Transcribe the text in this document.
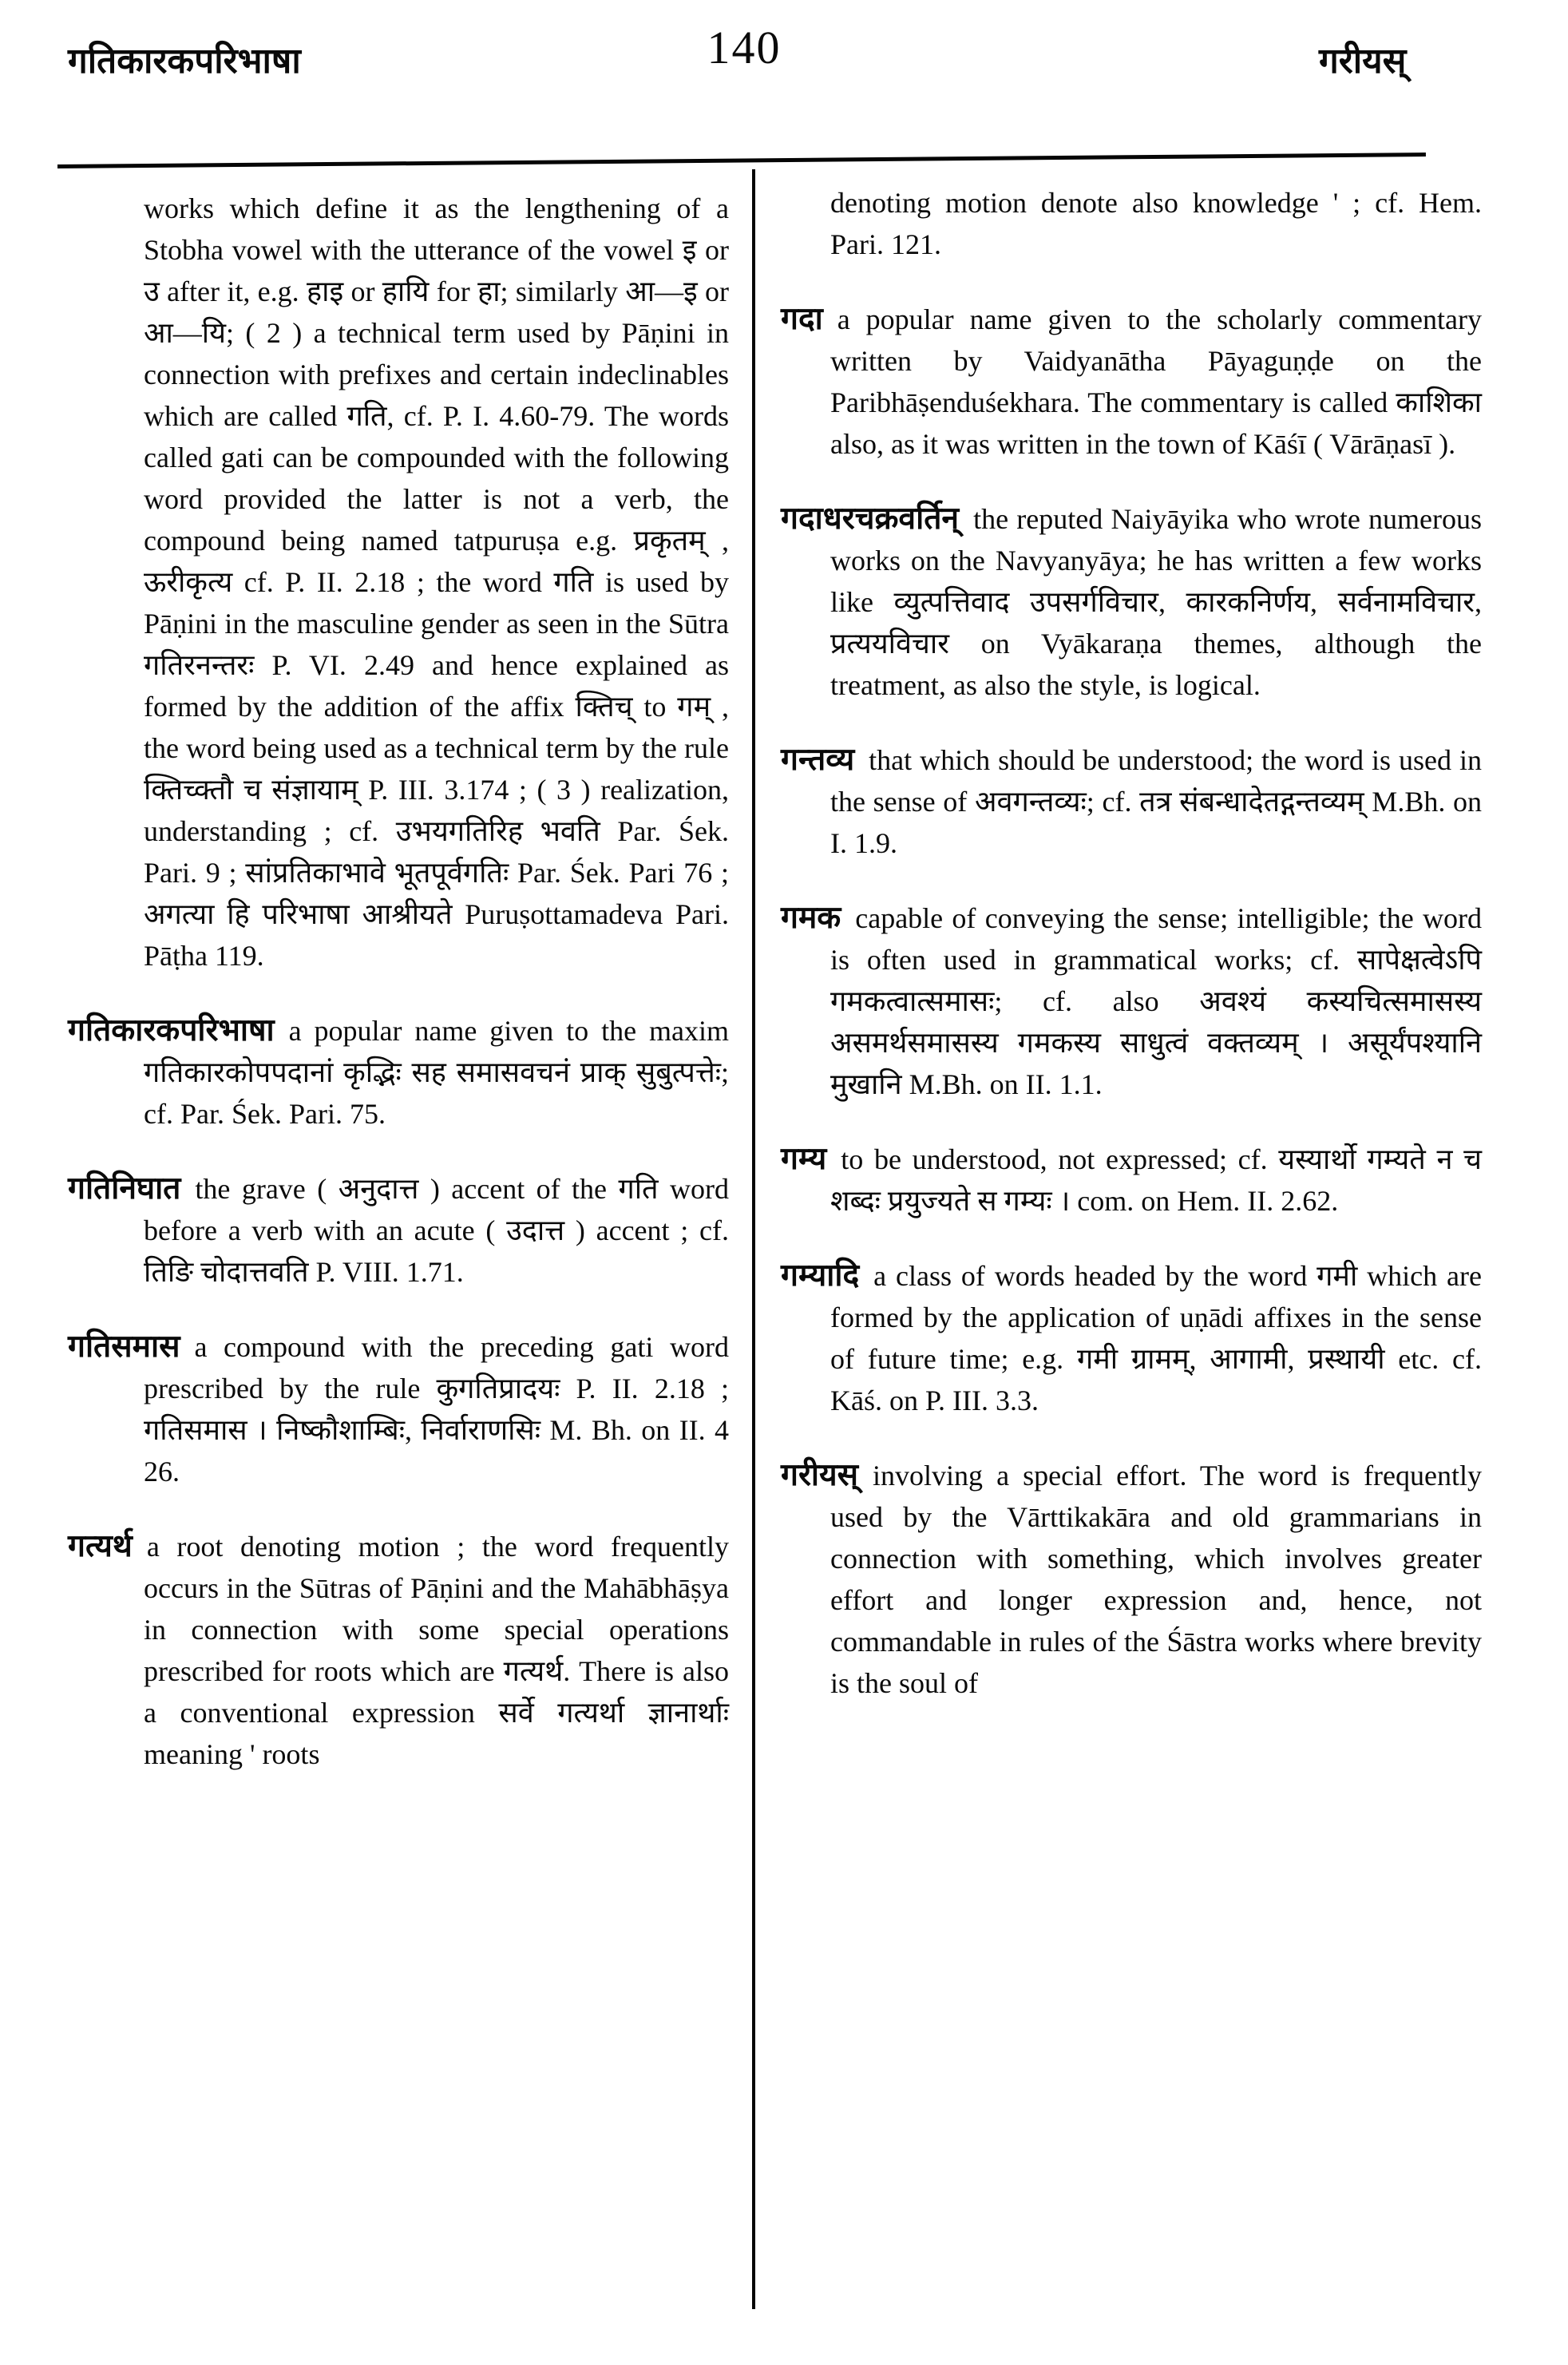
गतिकारकपरिभाषा	140	गरीयस्

works which define it as the lengthening of a Stobha vowel with the utterance of the vowel इ or उ after it, e.g. हाइ or हायि for हा; similarly आ—इ or आ—यि; ( 2 ) a technical term used by Pāṇini in connection with prefixes and certain indeclinables which are called गति, cf. P. I. 4.60-79. The words called gati can be compounded with the following word provided the latter is not a verb, the compound being named tatpuruṣa e.g. प्रकृतम् , ऊरीकृत्य cf. P. II. 2.18 ; the word गति is used by Pāṇini in the masculine gender as seen in the Sūtra गतिरनन्तरः P. VI. 2.49 and hence explained as formed by the addition of the affix क्तिच् to गम् , the word being used as a technical term by the rule क्तिच्क्तौ च संज्ञायाम् P. III. 3.174 ; ( 3 ) realization, understanding ; cf. उभयगतिरिह भवति Par. Śek. Pari. 9 ; सांप्रतिकाभावे भूतपूर्वगतिः Par. Śek. Pari 76 ; अगत्या हि परिभाषा आश्रीयते Puruṣottamadeva Pari. Pāṭha 119.

गतिकारकपरिभाषा a popular name given to the maxim गतिकारकोपपदानां कृद्भिः सह समासवचनं प्राक् सुबुत्पत्तेः; cf. Par. Śek. Pari. 75.

गतिनिघात the grave ( अनुदात्त ) accent of the गति word before a verb with an acute ( उदात्त ) accent ; cf. तिङि चोदात्तवति P. VIII. 1.71.

गतिसमास a compound with the preceding gati word prescribed by the rule कुगतिप्रादयः P. II. 2.18 ; गतिसमास । निष्कौशाम्बिः, निर्वाराणसिः M. Bh. on II. 4 26.

गत्यर्थ a root denoting motion ; the word frequently occurs in the Sūtras of Pāṇini and the Mahābhāṣya in connection with some special operations prescribed for roots which are गत्यर्थ. There is also a conventional expression सर्वे गत्यर्था ज्ञानार्थाः meaning ' roots

denoting motion denote also knowledge ' ; cf. Hem. Pari. 121.

गदा a popular name given to the scholarly commentary written by Vaidyanātha Pāyaguṇḍe on the Paribhāṣenduśekhara. The commentary is called काशिका also, as it was written in the town of Kāśī ( Vārāṇasī ).

गदाधरचक्रवर्तिन् the reputed Naiyāyika who wrote numerous works on the Navyanyāya; he has written a few works like व्युत्पत्तिवाद उपसर्गविचार, कारकनिर्णय, सर्वनामविचार, प्रत्ययविचार on Vyākaraṇa themes, although the treatment, as also the style, is logical.

गन्तव्य that which should be understood; the word is used in the sense of अवगन्तव्यः; cf. तत्र संबन्धादेतद्गन्तव्यम् M.Bh. on I. 1.9.

गमक capable of conveying the sense; intelligible; the word is often used in grammatical works; cf. सापेक्षत्वेऽपि गमकत्वात्समासः; cf. also अवश्यं कस्यचित्समासस्य असमर्थसमासस्य गमकस्य साधुत्वं वक्तव्यम् । असूर्यंपश्यानि मुखानि M.Bh. on II. 1.1.

गम्य to be understood, not expressed; cf. यस्यार्थो गम्यते न च शब्दः प्रयुज्यते स गम्यः । com. on Hem. II. 2.62.

गम्यादि a class of words headed by the word गमी which are formed by the application of uṇādi affixes in the sense of future time; e.g. गमी ग्रामम्, आगामी, प्रस्थायी etc. cf. Kāś. on P. III. 3.3.

गरीयस् involving a special effort. The word is frequently used by the Vārttikakāra and old grammarians in connection with something, which involves greater effort and longer expression and, hence, not commandable in rules of the Śāstra works where brevity is the soul of
